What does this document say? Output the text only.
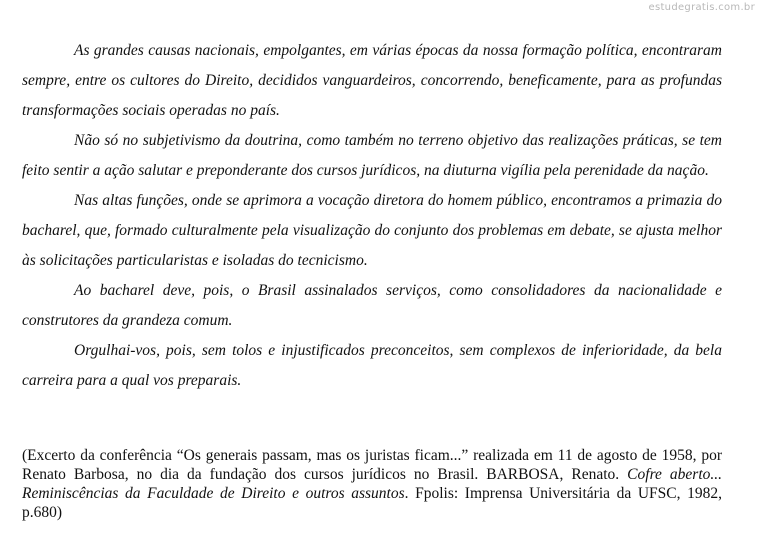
estudegratis.com.br

As grandes causas nacionais, empolgantes, em várias épocas da nossa formação política, encontraram sempre, entre os cultores do Direito, decididos vanguardeiros, concorrendo, beneficamente, para as profundas transformações sociais operadas no país.

Não só no subjetivismo da doutrina, como também no terreno objetivo das realizações práticas, se tem feito sentir a ação salutar e preponderante dos cursos jurídicos, na diuturna vigília pela perenidade da nação.

Nas altas funções, onde se aprimora a vocação diretora do homem público, encontramos a primazia do bacharel, que, formado culturalmente pela visualização do conjunto dos problemas em debate, se ajusta melhor às solicitações particularistas e isoladas do tecnicismo.

Ao bacharel deve, pois, o Brasil assinalados serviços, como consolidadores da nacionalidade e construtores da grandeza comum.

Orgulhai-vos, pois, sem tolos e injustificados preconceitos, sem complexos de inferioridade, da bela carreira para a qual vos preparais.

(Excerto da conferência “Os generais passam, mas os juristas ficam...” realizada em 11 de agosto de 1958, por Renato Barbosa, no dia da fundação dos cursos jurídicos no Brasil. BARBOSA, Renato. Cofre aberto... Reminiscências da Faculdade de Direito e outros assuntos. Fpolis: Imprensa Universitária da UFSC, 1982, p.680)
